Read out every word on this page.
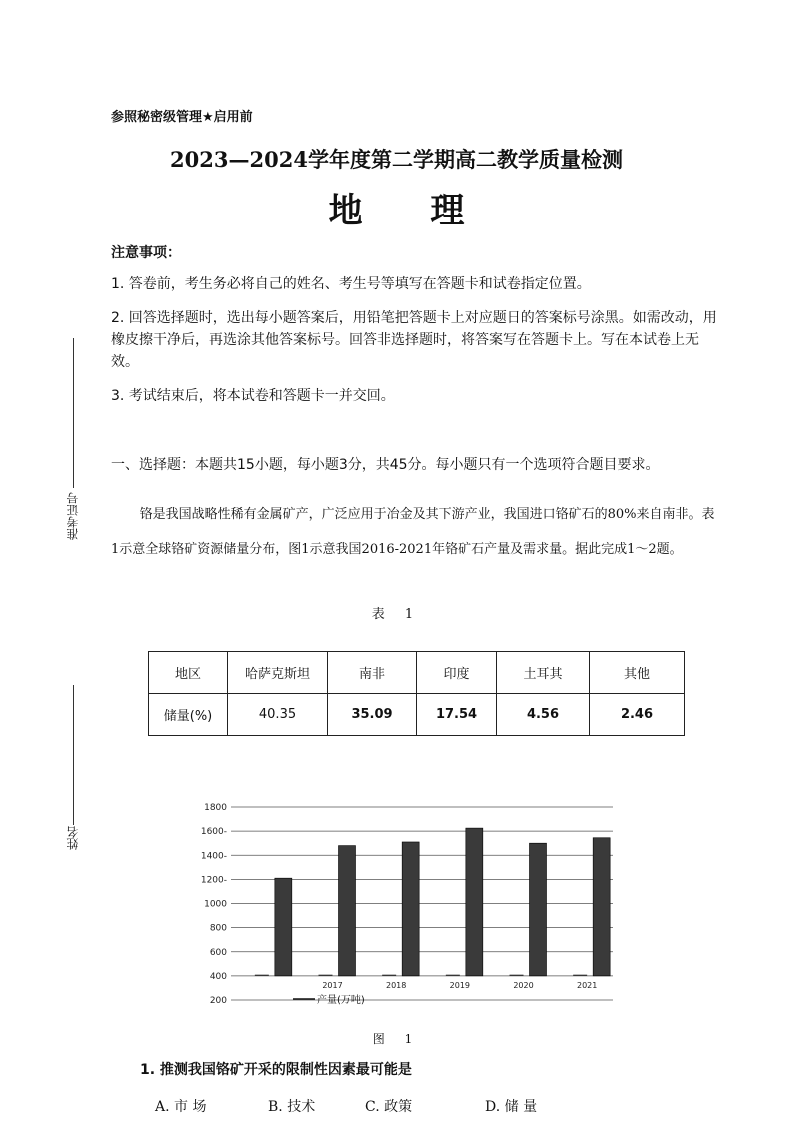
准考证号
姓名
参照秘密级管理★启用前
2023—2024学年度第二学期高二教学质量检测
地 理
注意事项：
1. 答卷前，考生务必将自己的姓名、考生号等填写在答题卡和试卷指定位置。
2. 回答选择题时，选出每小题答案后，用铅笔把答题卡上对应题日的答案标号涂黑。如需改动，用橡皮擦干净后，再选涂其他答案标号。回答非选择题时，将答案写在答题卡上。写在本试卷上无效。
3. 考试结束后，将本试卷和答题卡一并交回。
一、选择题：本题共15小题，每小题3分，共45分。每小题只有一个选项符合题目要求。
铬是我国战略性稀有金属矿产，广泛应用于冶金及其下游产业，我国进口铬矿石的80%来自南非。表1示意全球铬矿资源储量分布，图1示意我国2016-2021年铬矿石产量及需求量。据此完成1～2题。
表 1
地区	哈萨克斯坦	南非	印度	土耳其	其他
储量(%)	40.35	35.09	17.54	4.56	2.46
200
400
600
800
1000
1200-
1400-
1600-
1800
2017	2018	2019	2020	2021
产量(万吨)
图 1
1. 推测我国铬矿开采的限制性因素最可能是
A. 市 场	B. 技术	C. 政策	D. 储 量
